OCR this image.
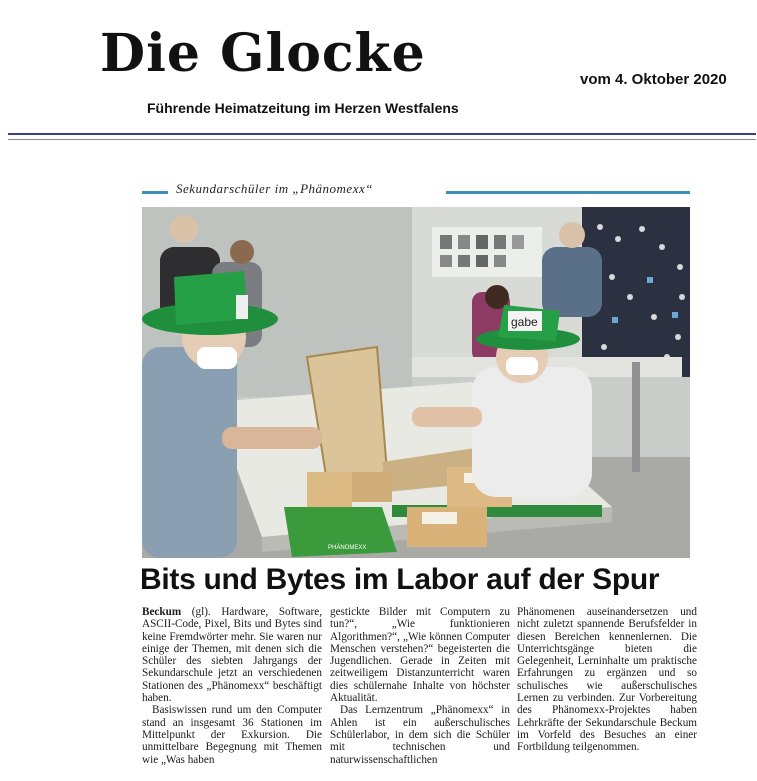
Die Glocke
Führende Heimatzeitung im Herzen Westfalens
vom 4. Oktober 2020
Sekundarschüler im „Phänomexx“
PHÄNOMEXX
gabe
Bits und Bytes im Labor auf der Spur

Beckum (gl). Hardware, Software, ASCII-Code, Pixel, Bits und Bytes sind keine Fremdwörter mehr. Sie waren nur einige der Themen, mit denen sich die Schüler des siebten Jahrgangs der Sekundarschule jetzt an verschiedenen Stationen des „Phänomexx“ beschäftigt haben.

Basiswissen rund um den Computer stand an insgesamt 36 Stationen im Mittelpunkt der Exkursion. Die unmittelbare Begegnung mit Themen wie „Was haben

gestickte Bilder mit Computern zu tun?“, „Wie funktionieren Algorithmen?“, „Wie können Computer Menschen verstehen?“ begeisterten die Jugendlichen. Gerade in Zeiten mit zeitweiligem Distanzunterricht waren dies schülernahe Inhalte von höchster Aktualität.

Das Lernzentrum „Phänomexx“ in Ahlen ist ein außerschulisches Schülerlabor, in dem sich die Schüler mit technischen und naturwissenschaftlichen

Phänomenen auseinandersetzen und nicht zuletzt spannende Berufsfelder in diesen Bereichen kennenlernen. Die Unterrichtsgänge bieten die Gelegenheit, Lerninhalte um praktische Erfahrungen zu ergänzen und so schulisches wie außerschulisches Lernen zu verbinden. Zur Vorbereitung des Phänomexx-Projektes haben Lehrkräfte der Sekundarschule Beckum im Vorfeld des Besuches an einer Fortbildung teilgenommen.
